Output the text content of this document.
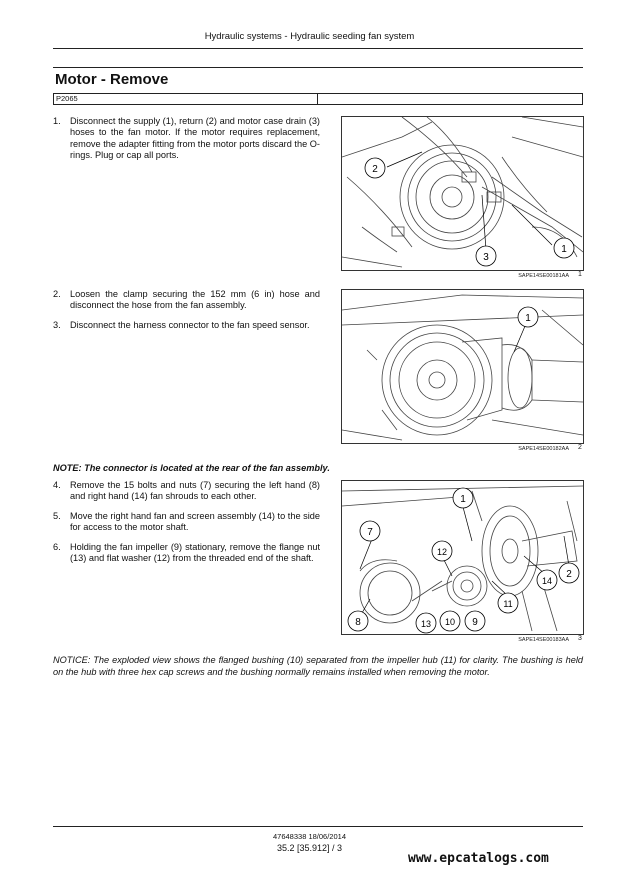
Hydraulic systems - Hydraulic seeding fan system
Motor - Remove
P2065
1. Disconnect the supply (1), return (2) and motor case drain (3) hoses to the fan motor. If the motor requires replacement, remove the adapter fitting from the motor ports discard the O-rings. Plug or cap all ports.
2. Loosen the clamp securing the 152 mm (6 in) hose and disconnect the hose from the fan assembly.
3. Disconnect the harness connector to the fan speed sensor.
NOTE: The connector is located at the rear of the fan assembly.
4. Remove the 15 bolts and nuts (7) securing the left hand (8) and right hand (14) fan shrouds to each other.
5. Move the right hand fan and screen assembly (14) to the side for access to the motor shaft.
6. Holding the fan impeller (9) stationary, remove the flange nut (13) and flat washer (12) from the threaded end of the shaft.
2
3
1
SAPE14SE00181AA 1
1
SAPE14SE00182AA 2
1
7
12
14
2
11
8	13 10 9
SAPE14SE00183AA 3
NOTICE: The exploded view shows the flanged bushing (10) separated from the impeller hub (11) for clarity. The bushing is held on the hub with three hex cap screws and the bushing normally remains installed when removing the motor.
47648338 18/06/2014
35.2 [35.912] / 3
www.epcatalogs.com
